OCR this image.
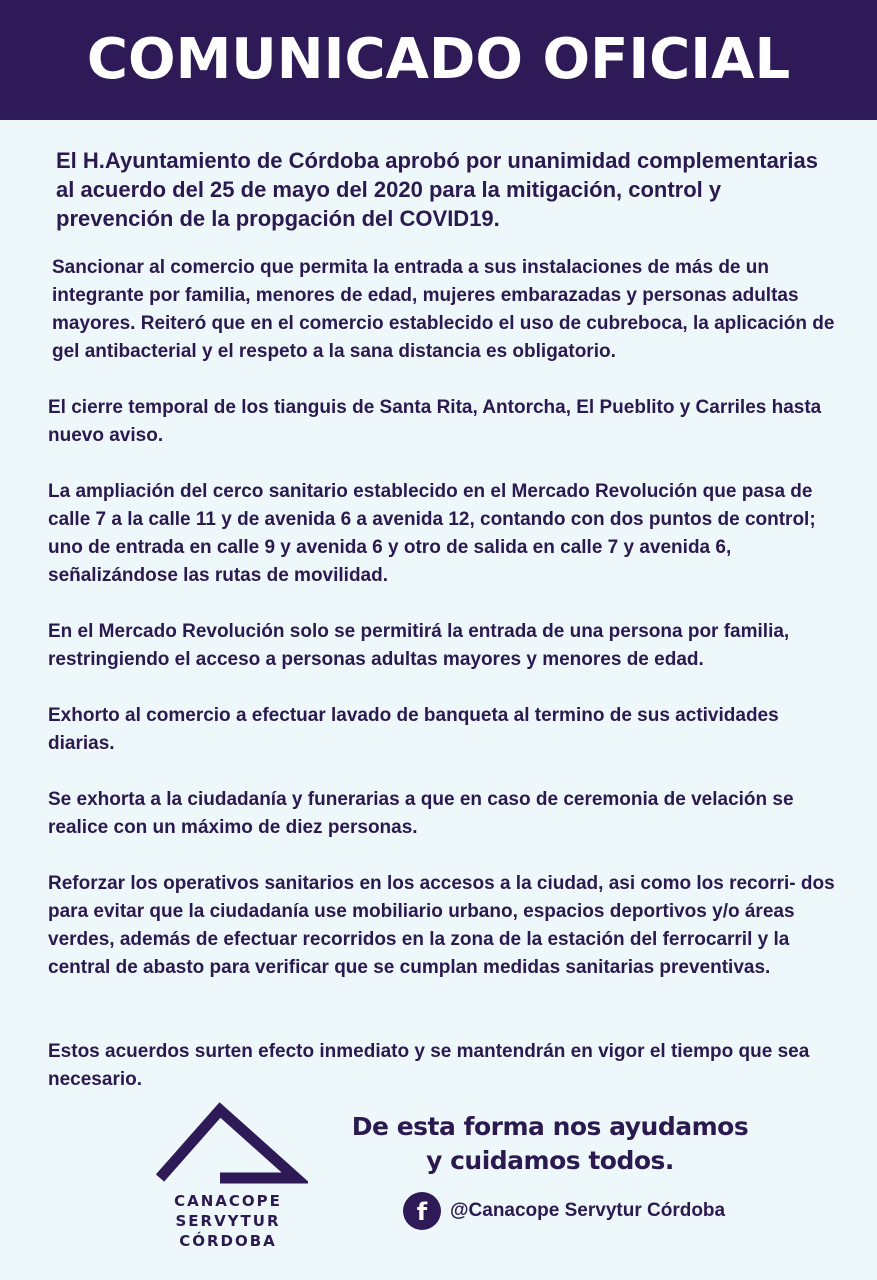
COMUNICADO OFICIAL

El H.Ayuntamiento de Córdoba aprobó por unanimidad complementarias al acuerdo del 25 de mayo del 2020 para la mitigación, control y prevención de la propgación del COVID19.

Sancionar al comercio que permita la entrada a sus instalaciones de más de un integrante por familia, menores de edad, mujeres embarazadas y personas adultas mayores. Reiteró que en el comercio establecido el uso de cubreboca, la aplicación de gel antibacterial y el respeto a la sana distancia es obligatorio.

El cierre temporal de los tianguis de Santa Rita, Antorcha, El Pueblito y Carriles hasta nuevo aviso.

La ampliación del cerco sanitario establecido en el Mercado Revolución que pasa de calle 7 a la calle 11 y de avenida 6 a avenida 12, contando con dos puntos de control; uno de entrada en calle 9 y avenida 6 y otro de salida en calle 7 y avenida 6, señalizándose las rutas de movilidad.

En el Mercado Revolución solo se permitirá la entrada de una persona por familia, restringiendo el acceso a personas adultas mayores y menores de edad.

Exhorto al comercio a efectuar lavado de banqueta al termino de sus actividades diarias.

Se exhorta a la ciudadanía y funerarias a que en caso de ceremonia de velación se realice con un máximo de diez personas.

Reforzar los operativos sanitarios en los accesos a la ciudad, asi como los recorri- dos para evitar que la ciudadanía use mobiliario urbano, espacios deportivos y/o áreas verdes, además de efectuar recorridos en la zona de la estación del ferrocarril y la central de abasto para verificar que se cumplan medidas sanitarias preventivas.

Estos acuerdos surten efecto inmediato y se mantendrán en vigor el tiempo que sea necesario.

CANACOPE
SERVYTUR
CÓRDOBA
De esta forma nos ayudamos
y cuidamos todos.
f	@Canacope Servytur Córdoba
